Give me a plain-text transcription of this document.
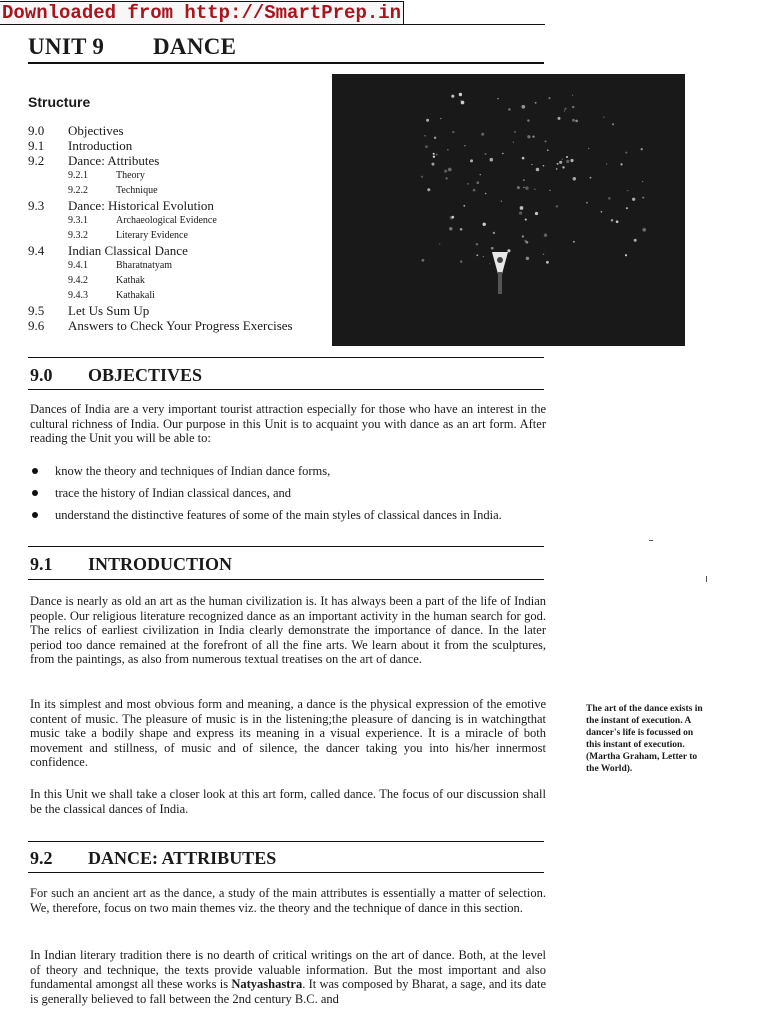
Downloaded from http://SmartPrep.in
UNIT 9 DANCE
Structure
9.0 Objectives
9.1 Introduction
9.2 Dance: Attributes
9.2.1	Theory
9.2.2	Technique
9.3 Dance: Historical Evolution
9.3.1	Archaeological Evidence
9.3.2	Literary Evidence
9.4 Indian Classical Dance
9.4.1	Bharatnatyam
9.4.2	Kathak
9.4.3	Kathakali
9.5 Let Us Sum Up
9.6 Answers to Check Your Progress Exercises
9.0 OBJECTIVES
Dances of India are a very important tourist attraction especially for those who have an interest in the cultural richness of India. Our purpose in this Unit is to acquaint you with dance as an art form. After reading the Unit you will be able to:
know the theory and techniques of Indian dance forms,
trace the history of Indian classical dances, and
understand the distinctive features of some of the main styles of classical dances in India.
9.1 INTRODUCTION
Dance is nearly as old an art as the human civilization is. It has always been a part of the life of Indian people. Our religious literature recognized dance as an important activity in the human search for god. The relics of earliest civilization in India clearly demonstrate the importance of dance. In the later period too dance remained at the forefront of all the fine arts. We learn about it from the sculptures, from the paintings, as also from numerous textual treatises on the art of dance.
In its simplest and most obvious form and meaning, a dance is the physical expression of the emotive content of music. The pleasure of music is in the listening;the pleasure of dancing is in watchingthat music take a bodily shape and express its meaning in a visual experience. It is a miracle of both movement and stillness, of music and of silence, the dancer taking you into his/her innermost confidence.
In this Unit we shall take a closer look at this art form, called dance. The focus of our discussion shall be the classical dances of India.
The art of the dance exists in the instant of execution. A dancer's life is focussed on this instant of execution. (Martha Graham, Letter to the World).
9.2 DANCE: ATTRIBUTES
For such an ancient art as the dance, a study of the main attributes is essentially a matter of selection. We, therefore, focus on two main themes viz. the theory and the technique of dance in this section.
In Indian literary tradition there is no dearth of critical writings on the art of dance. Both, at the level of theory and technique, the texts provide valuable information. But the most important and also fundamental amongst all these works is Natyashastra. It was composed by Bharat, a sage, and its date is generally believed to fall between the 2nd century B.C. and
